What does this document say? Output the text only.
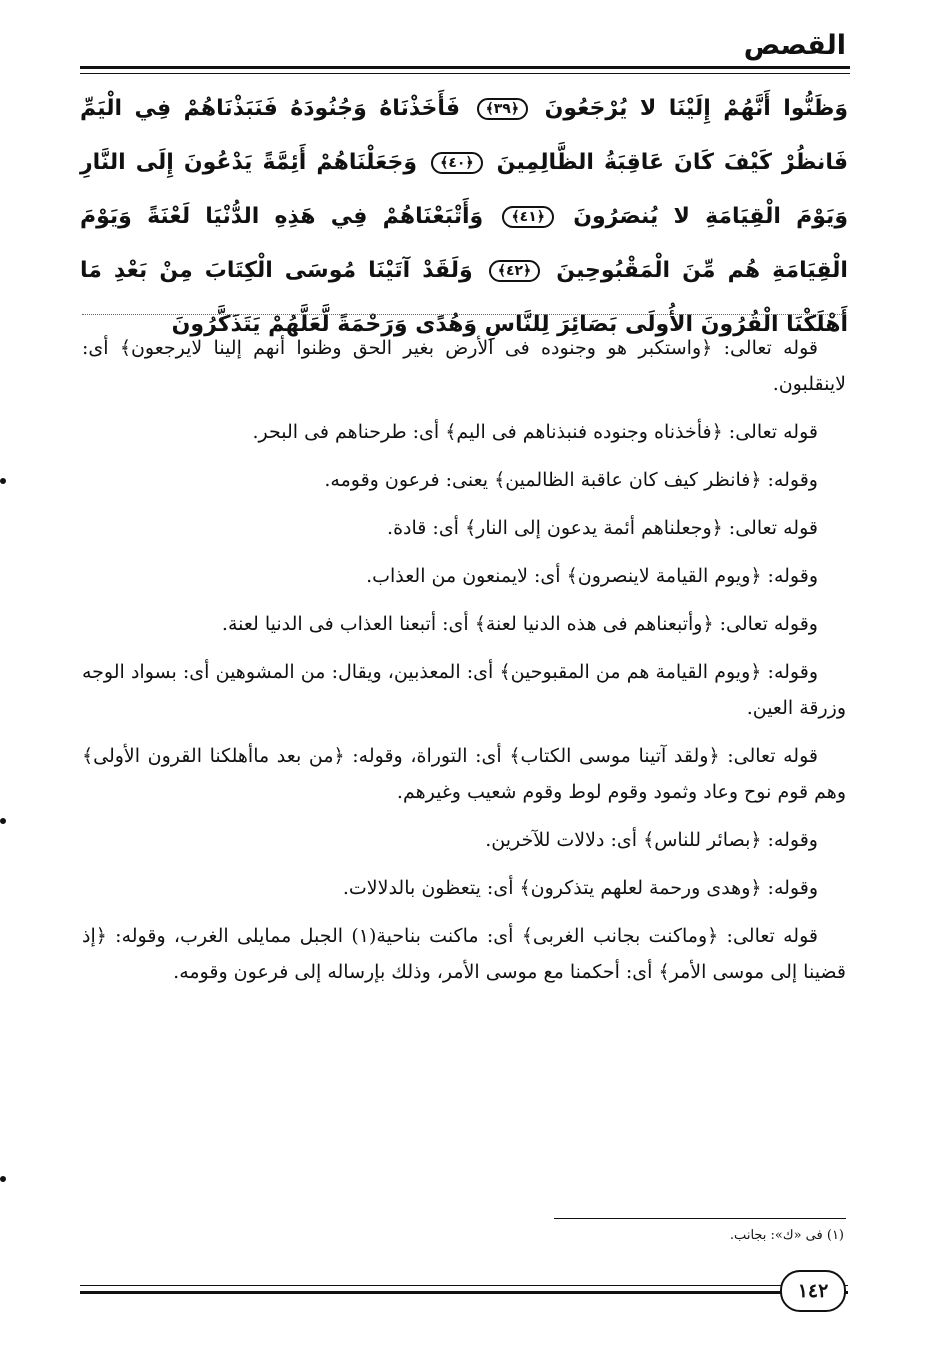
القصص
وَظَنُّوا أَنَّهُمْ إِلَيْنَا لا يُرْجَعُونَ ﴿٣٩﴾ فَأَخَذْنَاهُ وَجُنُودَهُ فَنَبَذْنَاهُمْ فِي الْيَمِّ فَانظُرْ كَيْفَ كَانَ عَاقِبَةُ الظَّالِمِينَ ﴿٤٠﴾ وَجَعَلْنَاهُمْ أَئِمَّةً يَدْعُونَ إِلَى النَّارِ وَيَوْمَ الْقِيَامَةِ لا يُنصَرُونَ ﴿٤١﴾ وَأَتْبَعْنَاهُمْ فِي هَذِهِ الدُّنْيَا لَعْنَةً وَيَوْمَ الْقِيَامَةِ هُم مِّنَ الْمَقْبُوحِينَ ﴿٤٢﴾ وَلَقَدْ آتَيْنَا مُوسَى الْكِتَابَ مِنْ بَعْدِ مَا أَهْلَكْنَا الْقُرُونَ الأُولَى بَصَائِرَ لِلنَّاسِ وَهُدًى وَرَحْمَةً لَّعَلَّهُمْ يَتَذَكَّرُونَ

قوله تعالى: ﴿واستكبر هو وجنوده فى الأرض بغير الحق وظنوا أنهم إلينا لايرجعون﴾ أى: لاينقلبون.

قوله تعالى: ﴿فأخذناه وجنوده فنبذناهم فى اليم﴾ أى: طرحناهم فى البحر.

وقوله: ﴿فانظر كيف كان عاقبة الظالمين﴾ يعنى: فرعون وقومه.

قوله تعالى: ﴿وجعلناهم أئمة يدعون إلى النار﴾ أى: قادة.

وقوله: ﴿ويوم القيامة لاينصرون﴾ أى: لايمنعون من العذاب.

وقوله تعالى: ﴿وأتبعناهم فى هذه الدنيا لعنة﴾ أى: أتبعنا العذاب فى الدنيا لعنة.

وقوله: ﴿ويوم القيامة هم من المقبوحين﴾ أى: المعذبين، ويقال: من المشوهين أى: بسواد الوجه وزرقة العين.

قوله تعالى: ﴿ولقد آتينا موسى الكتاب﴾ أى: التوراة، وقوله: ﴿من بعد ماأهلكنا القرون الأولى﴾ وهم قوم نوح وعاد وثمود وقوم لوط وقوم شعيب وغيرهم.

وقوله: ﴿بصائر للناس﴾ أى: دلالات للآخرين.

وقوله: ﴿وهدى ورحمة لعلهم يتذكرون﴾ أى: يتعظون بالدلالات.

قوله تعالى: ﴿وماكنت بجانب الغربى﴾ أى: ماكنت بناحية(١) الجبل ممايلى الغرب، وقوله: ﴿إذ قضينا إلى موسى الأمر﴾ أى: أحكمنا مع موسى الأمر، وذلك بإرساله إلى فرعون وقومه.

(١) فى «ك»: بجانب.
١٤٢
